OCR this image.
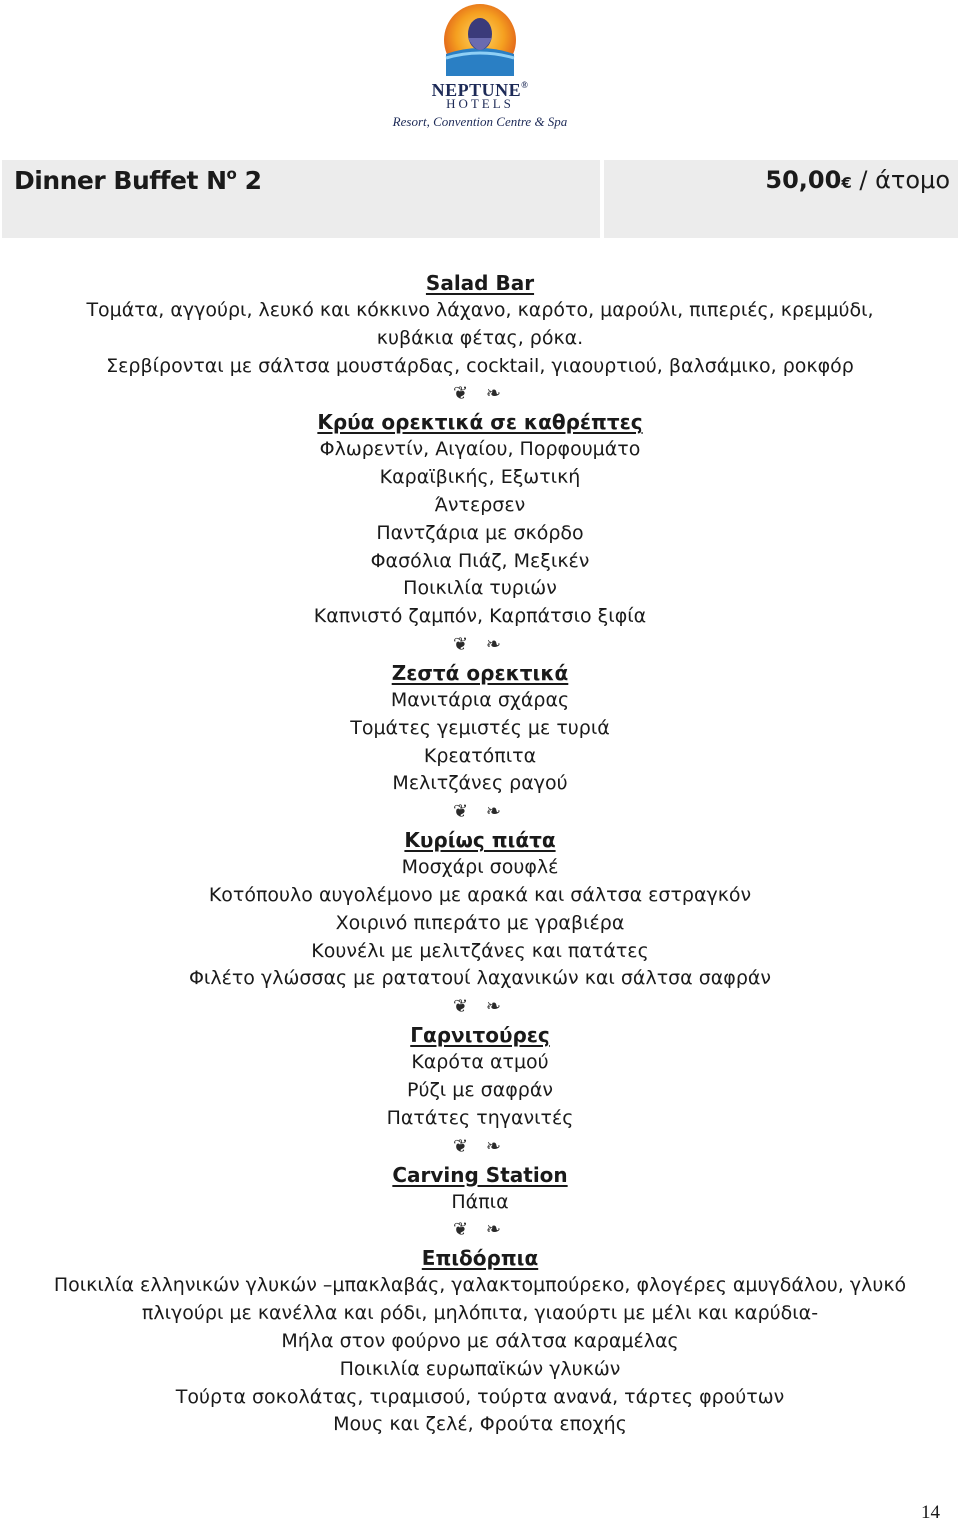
NEPTUNE®
HOTELS
Resort, Convention Centre & Spa
Dinner Buffet $N^o$ 2	50,00€ / άτομο
Salad Bar
Τομάτα, αγγούρι, λευκό και κόκκινο λάχανο, καρότο, μαρούλι, πιπεριές, κρεμμύδι,
κυβάκια φέτας, ρόκα.
Σερβίρονται με σάλτσα μουστάρδας, cocktail, γιαουρτιού, βαλσάμικο, ροκφόρ
❦ ❧
Κρύα ορεκτικά σε καθρέπτες
Φλωρεντίν, Αιγαίου, Πορφουμάτο
Καραϊβικής, Εξωτική
Άντερσεν
Παντζάρια με σκόρδο
Φασόλια Πιάζ, Μεξικέν
Ποικιλία τυριών
Καπνιστό ζαμπόν, Καρπάτσιο ξιφία
❦ ❧
Ζεστά ορεκτικά
Μανιτάρια σχάρας
Τομάτες γεμιστές με τυριά
Κρεατόπιτα
Μελιτζάνες ραγού
❦ ❧
Κυρίως πιάτα
Μοσχάρι σουφλέ
Κοτόπουλο αυγολέμονο με αρακά και σάλτσα εστραγκόν
Χοιρινό πιπεράτο με γραβιέρα
Κουνέλι με μελιτζάνες και πατάτες
Φιλέτο γλώσσας με ρατατουί λαχανικών και σάλτσα σαφράν
❦ ❧
Γαρνιτούρες
Καρότα ατμού
Ρύζι με σαφράν
Πατάτες τηγανιτές
❦ ❧
Carving Station
Πάπια
❦ ❧
Επιδόρπια
Ποικιλία ελληνικών γλυκών –μπακλαβάς, γαλακτομπούρεκο, φλογέρες αμυγδάλου, γλυκό
πλιγούρι με κανέλλα και ρόδι, μηλόπιτα, γιαούρτι με μέλι και καρύδια-
Μήλα στον φούρνο με σάλτσα καραμέλας
Ποικιλία ευρωπαϊκών γλυκών
Τούρτα σοκολάτας, τιραμισού, τούρτα ανανά, τάρτες φρούτων
Μους και ζελέ, Φρούτα εποχής
14
